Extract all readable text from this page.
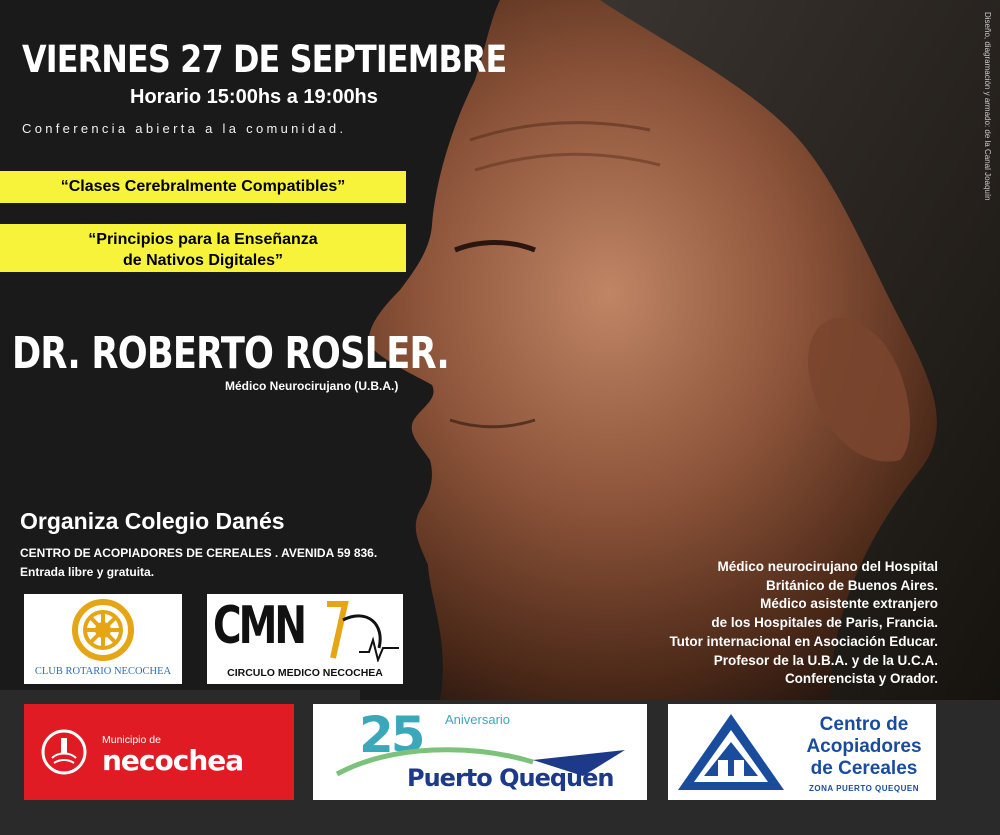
Diseño, diagramación y armado: de la Canal Joaquín
VIERNES 27 DE SEPTIEMBRE
Horario 15:00hs a 19:00hs
Conferencia abierta a la comunidad.
“Clases Cerebralmente Compatibles”
“Principios para la Enseñanza
de Nativos Digitales”
DR. ROBERTO ROSLER.
Médico Neurocirujano (U.B.A.)
Organiza Colegio Danés
CENTRO DE ACOPIADORES DE CEREALES . AVENIDA 59 836.
Entrada libre y gratuita.	Médico neurocirujano del Hospital
Británico de Buenos Aires.
Médico asistente extranjero
de los Hospitales de Paris, Francia.
Tutor internacional en Asociación Educar.
Profesor de la U.B.A. y de la U.C.A.
Conferencista y Orador.
CLUB ROTARIO NECOCHEA
CMN
CIRCULO MEDICO NECOCHEA
Municipio de
necochea 25 Aniversario
Puerto Quequén
Centro de
Acopiadores
de Cereales
ZONA PUERTO QUEQUEN
